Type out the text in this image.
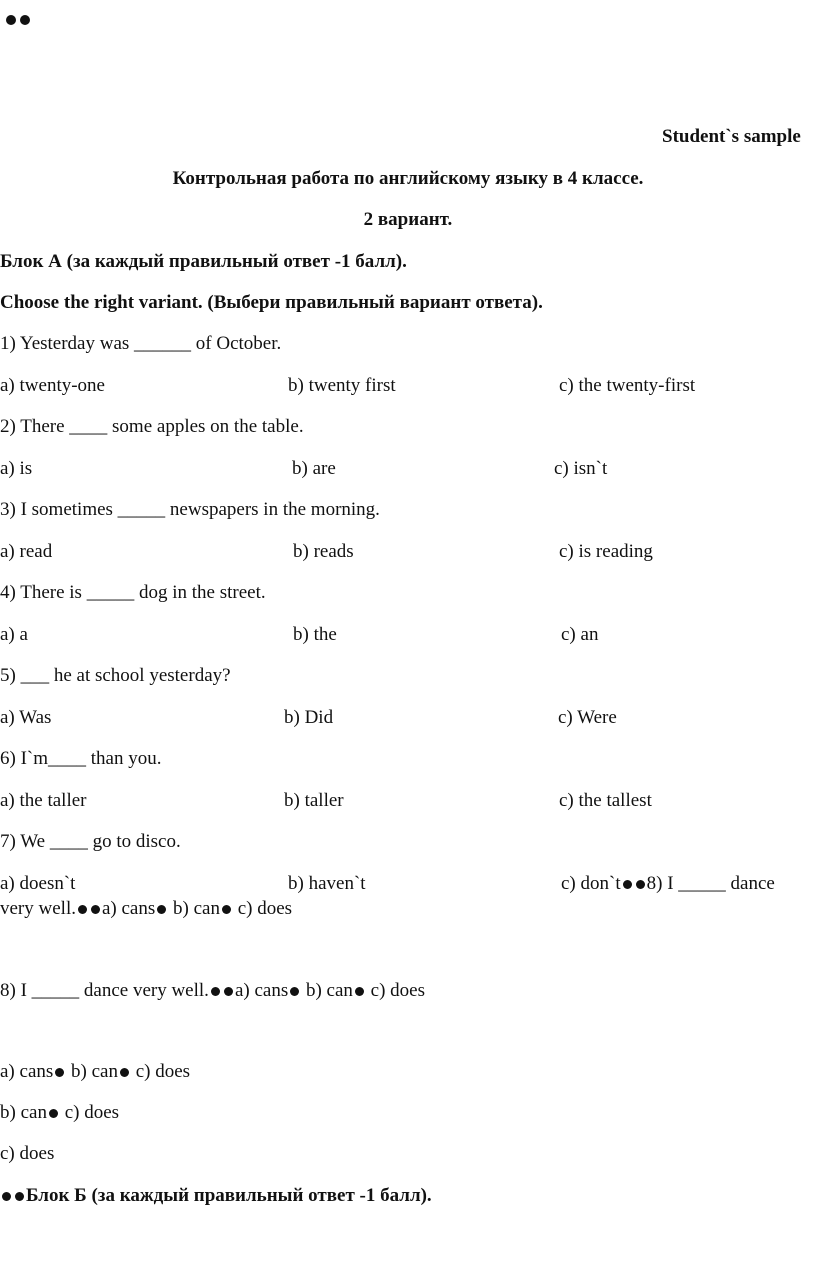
Student`s sample
Контрольная работа по английскому языку в 4 классе.
2 вариант.
Блок А (за каждый правильный ответ -1 балл).
Choose the right variant. (Выбери правильный вариант ответа).
1) Yesterday was ______ of October.
a) twenty-one	b) twenty first	c) the twenty-first
2) There ____ some apples on the table.
a) is	b) are	c) isn`t
3) I sometimes _____ newspapers in the morning.
a) read	b) reads	c) is reading
4) There is _____ dog in the street.
a) a	b) the	c) an
5) ___ he at school yesterday?
a) Was	b) Did	c) Were
6) I`m____ than you.
a) the taller	b) taller	c) the tallest
7) We ____ go to disco.
a) doesn`t	b) haven`t	c) don`t 8) I _____ dance
very well. a) cans b) can c) does
8) I _____ dance very well. a) cans b) can c) does
a) cans b) can c) does
b) can c) does
c) does
Блок Б (за каждый правильный ответ -1 балл).
